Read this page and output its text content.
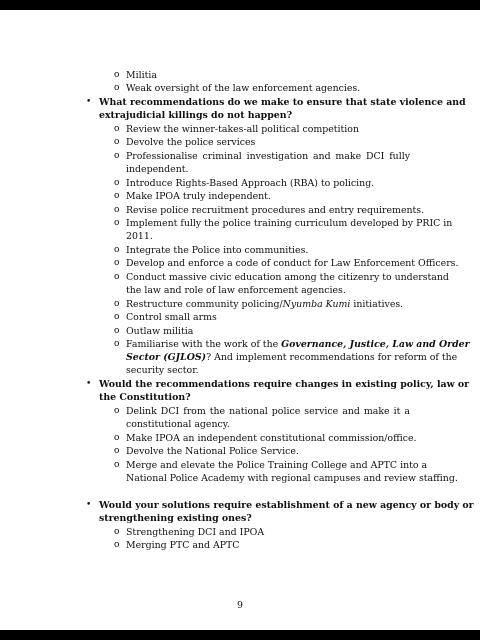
o Militia
o Weak oversight of the law enforcement agencies.
• What recommendations do we make to ensure that state violence and
extrajudicial killings do not happen?
o Review the winner-takes-all political competition
o Devolve the police services
o Professionalise criminal investigation and make DCI fully
independent.
o Introduce Rights-Based Approach (RBA) to policing.
o Make IPOA truly independent.
o Revise police recruitment procedures and entry requirements.
o Implement fully the police training curriculum developed by PRIC in
2011.
o Integrate the Police into communities.
o Develop and enforce a code of conduct for Law Enforcement Officers.
o Conduct massive civic education among the citizenry to understand
the law and role of law enforcement agencies.
o Restructure community policing/Nyumba Kumi initiatives.
o Control small arms
o Outlaw militia
o Familiarise with the work of the Governance, Justice, Law and Order
Sector (GJLOS)? And implement recommendations for reform of the
security sector.
• Would the recommendations require changes in existing policy, law or
the Constitution?
o Delink DCI from the national police service and make it a
constitutional agency.
o Make IPOA an independent constitutional commission/office.
o Devolve the National Police Service.
o Merge and elevate the Police Training College and APTC into a
National Police Academy with regional campuses and review staffing.
• Would your solutions require establishment of a new agency or body or
strengthening existing ones?
o Strengthening DCI and IPOA
o Merging PTC and APTC
9
